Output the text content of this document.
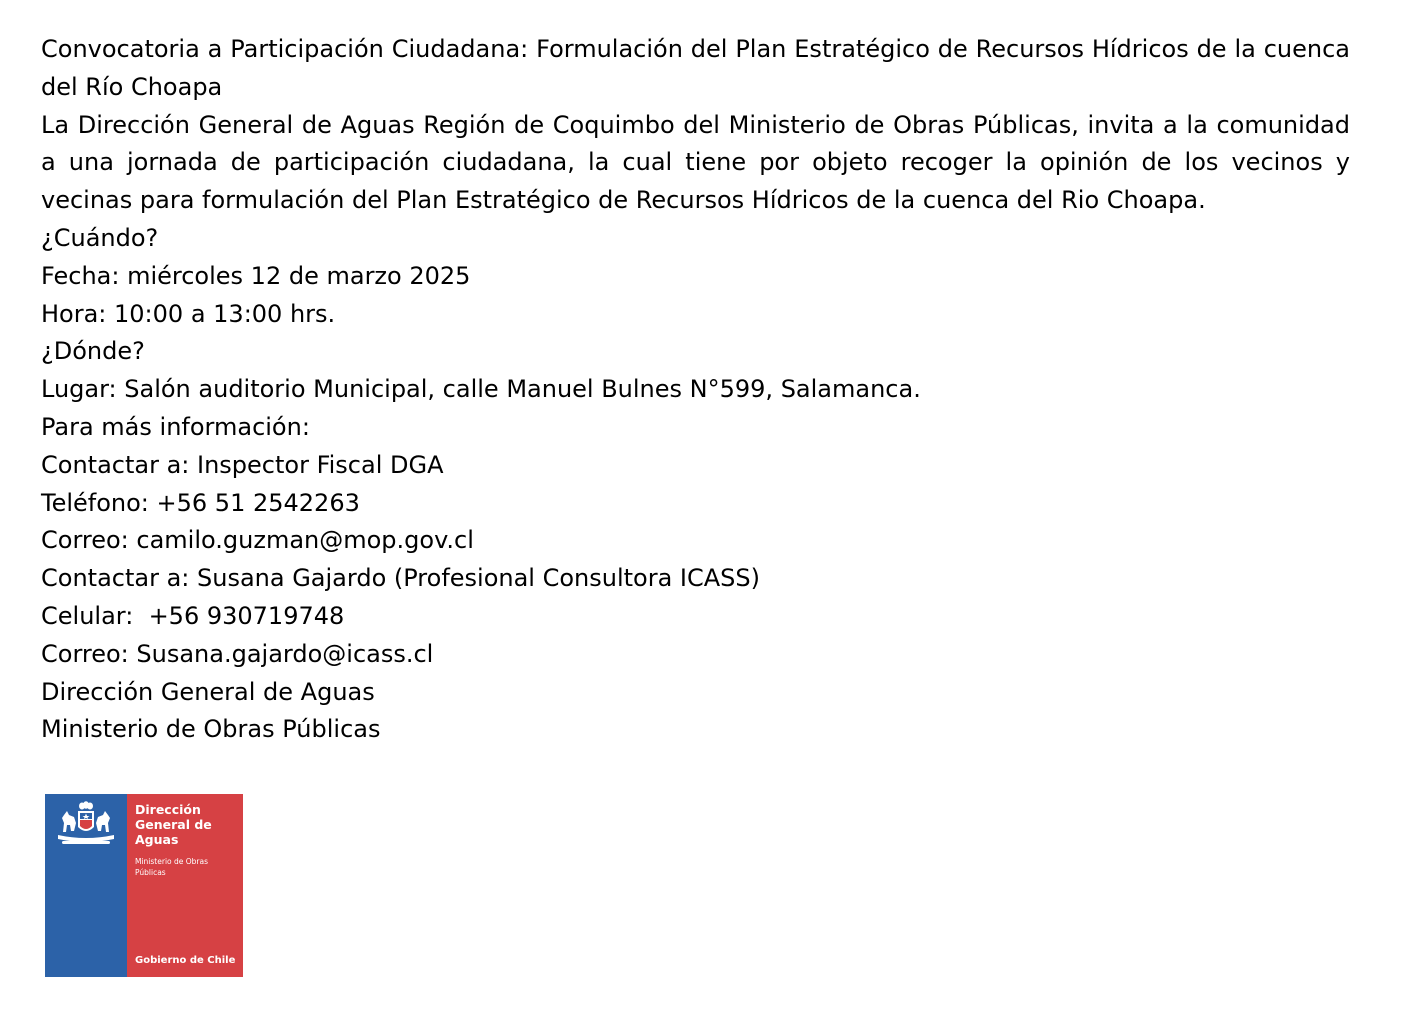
Convocatoria a Participación Ciudadana: Formulación del Plan Estratégico de Recursos Hídricos de la cuenca del Río Choapa

La Dirección General de Aguas Región de Coquimbo del Ministerio de Obras Públicas, invita a la comunidad a una jornada de participación ciudadana, la cual tiene por objeto recoger la opinión de los vecinos y vecinas para formulación del Plan Estratégico de Recursos Hídricos de la cuenca del Rio Choapa.

¿Cuándo?

Fecha: miércoles 12 de marzo 2025

Hora: 10:00 a 13:00 hrs.

¿Dónde?

Lugar: Salón auditorio Municipal, calle Manuel Bulnes N°599, Salamanca.

Para más información:

Contactar a: Inspector Fiscal DGA

Teléfono: +56 51 2542263

Correo: camilo.guzman@mop.gov.cl

Contactar a: Susana Gajardo (Profesional Consultora ICASS)

Celular:  +56 930719748

Correo: Susana.gajardo@icass.cl

Dirección General de Aguas

Ministerio de Obras Públicas

Dirección
General de
Aguas

Ministerio de Obras
Públicas

Gobierno de Chile
